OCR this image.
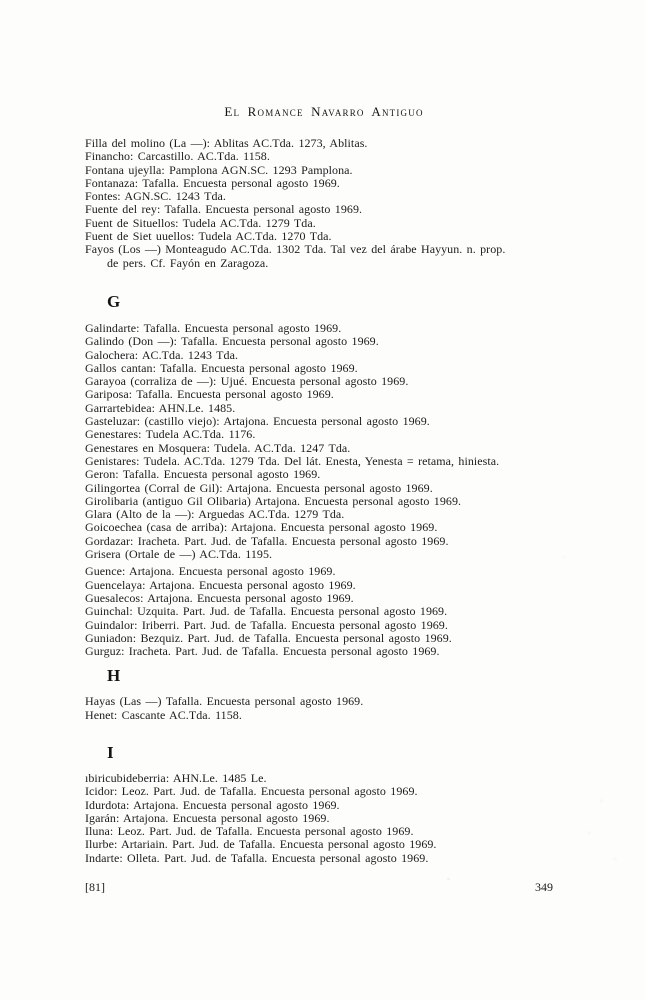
El Romance Navarro Antiguo

Filla del molino (La —): Ablitas AC.Tda. 1273, Ablitas.

Financho: Carcastillo. AC.Tda. 1158.

Fontana ujeylla: Pamplona AGN.SC. 1293 Pamplona.

Fontanaza: Tafalla. Encuesta personal agosto 1969.

Fontes: AGN.SC. 1243 Tda.

Fuente del rey: Tafalla. Encuesta personal agosto 1969.

Fuent de Situellos: Tudela AC.Tda. 1279 Tda.

Fuent de Siet uuellos: Tudela AC.Tda. 1270 Tda.

Fayos (Los —) Monteagudo AC.Tda. 1302 Tda. Tal vez del árabe Hayyun. n. prop.

de pers. Cf. Fayón en Zaragoza.

G

Galindarte: Tafalla. Encuesta personal agosto 1969.

Galindo (Don —): Tafalla. Encuesta personal agosto 1969.

Galochera: AC.Tda. 1243 Tda.

Gallos cantan: Tafalla. Encuesta personal agosto 1969.

Garayoa (corraliza de —): Ujué. Encuesta personal agosto 1969.

Gariposa: Tafalla. Encuesta personal agosto 1969.

Garrartebidea: AHN.Le. 1485.

Gasteluzar: (castillo viejo): Artajona. Encuesta personal agosto 1969.

Genestares: Tudela AC.Tda. 1176.

Genestares en Mosquera: Tudela. AC.Tda. 1247 Tda.

Genistares: Tudela. AC.Tda. 1279 Tda. Del lát. Enesta, Yenesta = retama, hiniesta.

Geron: Tafalla. Encuesta personal agosto 1969.

Gilingortea (Corral de Gil): Artajona. Encuesta personal agosto 1969.

Girolibaria (antiguo Gil Olibaria) Artajona. Encuesta personal agosto 1969.

Glara (Alto de la —): Arguedas AC.Tda. 1279 Tda.

Goicoechea (casa de arriba): Artajona. Encuesta personal agosto 1969.

Gordazar: Iracheta. Part. Jud. de Tafalla. Encuesta personal agosto 1969.

Grisera (Ortale de —) AC.Tda. 1195.

Guence: Artajona. Encuesta personal agosto 1969.

Guencelaya: Artajona. Encuesta personal agosto 1969.

Guesalecos: Artajona. Encuesta personal agosto 1969.

Guinchal: Uzquita. Part. Jud. de Tafalla. Encuesta personal agosto 1969.

Guindalor: Iriberri. Part. Jud. de Tafalla. Encuesta personal agosto 1969.

Guniadon: Bezquiz. Part. Jud. de Tafalla. Encuesta personal agosto 1969.

Gurguz: Iracheta. Part. Jud. de Tafalla. Encuesta personal agosto 1969.

H

Hayas (Las —) Tafalla. Encuesta personal agosto 1969.

Henet: Cascante AC.Tda. 1158.

I

ıbiricubideberria: AHN.Le. 1485 Le.

Icidor: Leoz. Part. Jud. de Tafalla. Encuesta personal agosto 1969.

Idurdota: Artajona. Encuesta personal agosto 1969.

Igarán: Artajona. Encuesta personal agosto 1969.

Iluna: Leoz. Part. Jud. de Tafalla. Encuesta personal agosto 1969.

Ilurbe: Artariain. Part. Jud. de Tafalla. Encuesta personal agosto 1969.

Indarte: Olleta. Part. Jud. de Tafalla. Encuesta personal agosto 1969.

[81]	349
